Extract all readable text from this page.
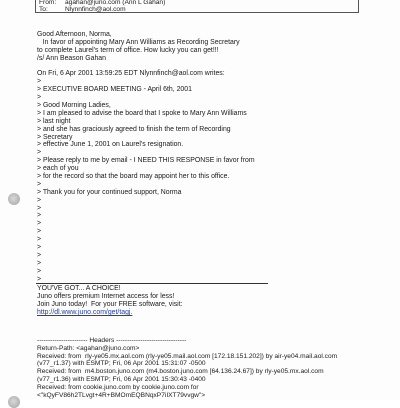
From: agahan@juno.com (Ann L Gahan)
To:	Nlynnfinch@aol.com
Good Afternoon, Norma,
In favor of appointing Mary Ann Williams as Recording Secretary
to complete Laurel's term of office. How lucky you can get!!!
/s/ Ann Beason Gahan
On Fri, 6 Apr 2001 13:59:25 EDT Nlynnfinch@aol.com writes:
>
> EXECUTIVE BOARD MEETING - April 6th, 2001
>
> Good Morning Ladies,
> I am pleased to advise the board that I spoke to Mary Ann Williams
> last night
> and she has graciously agreed to finish the term of Recording
> Secretary
> effective June 1, 2001 on Laurel's resignation.
>
> Please reply to me by email - I NEED THIS RESPONSE in favor from
> each of you
> for the record so that the board may appoint her to this office.
>
> Thank you for your continued support, Norma
>
>
>
>
>
>
>
>
>
>
>
YOU'VE GOT... A CHOICE!
Juno offers premium Internet access for less!
Join Juno today!  For your FREE software, visit:
http://dl.www.juno.com/get/tagj.
----------------------- Headers --------------------------------
Return-Path: <agahan@juno.com>
Received: from  rly-ye05.mx.aol.com (rly-ye05.mail.aol.com [172.18.151.202]) by air-ye04.mail.aol.com
(v77_r1.37) with ESMTP; Fri, 06 Apr 2001 15:31:07 -0500
Received: from  m4.boston.juno.com (m4.boston.juno.com [64.136.24.67]) by rly-ye05.mx.aol.com
(v77_r1.36) with ESMTP; Fri, 06 Apr 2001 15:30:43 -0400
Received: from cookie.juno.com by cookie.juno.com for
<"kQyFV86h2TLvgt+4R+BMOmEQBNqxP7iIXT79vvgw">
